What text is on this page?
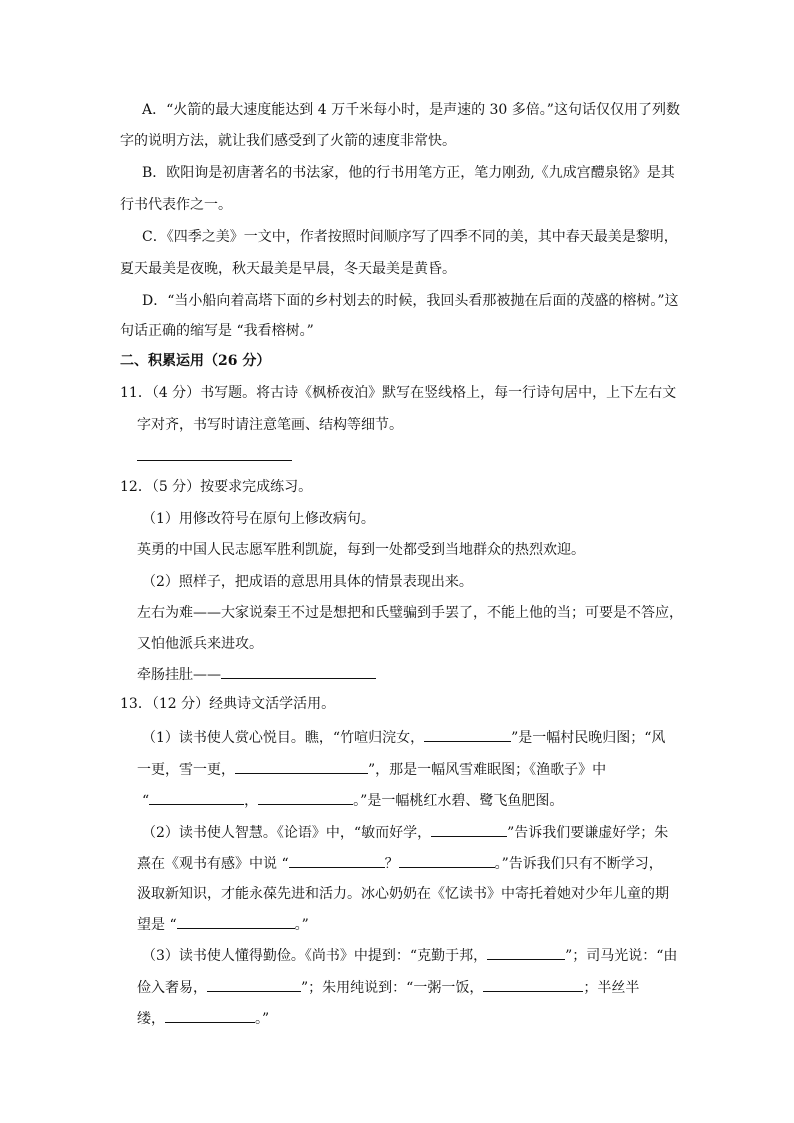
A．“火箭的最大速度能达到 4 万千米每小时，是声速的 30 多倍。”这句话仅仅用了列数
字的说明方法，就让我们感受到了火箭的速度非常快。
B．欧阳询是初唐著名的书法家，他的行书用笔方正，笔力刚劲,《九成宫醴泉铭》是其
行书代表作之一。
C．《四季之美》一文中，作者按照时间顺序写了四季不同的美，其中春天最美是黎明，
夏天最美是夜晚，秋天最美是早晨，冬天最美是黄昏。
D．“当小船向着高塔下面的乡村划去的时候，我回头看那被抛在后面的茂盛的榕树。”这
句话正确的缩写是 “我看榕树。”
二、积累运用（26 分）
11．（4 分）书写题。将古诗《枫桥夜泊》默写在竖线格上，每一行诗句居中，上下左右文
字对齐，书写时请注意笔画、结构等细节。
12．（5 分）按要求完成练习。
（1）用修改符号在原句上修改病句。
英勇的中国人民志愿军胜利凯旋，每到一处都受到当地群众的热烈欢迎。
（2）照样子，把成语的意思用具体的情景表现出来。
左右为难——大家说秦王不过是想把和氏璧骗到手罢了，不能上他的当；可要是不答应，
又怕他派兵来进攻。
牵肠挂肚——
13．（12 分）经典诗文活学活用。
（1）读书使人赏心悦目。瞧，“竹喧归浣女，	”是一幅村民晚归图；“风
一更，雪一更，	”，那是一幅风雪难眠图；《渔歌子》中
“	，	。”是一幅桃红水碧、鹭飞鱼肥图。
（2）读书使人智慧。《论语》中，“敏而好学，	”告诉我们要谦虚好学；朱
熹在《观书有感》中说 “	？	。”告诉我们只有不断学习，
汲取新知识，才能永葆先进和活力。冰心奶奶在《忆读书》中寄托着她对少年儿童的期
望是 “	。”
（3）读书使人懂得勤俭。《尚书》中提到：“克勤于邦，	”；司马光说：“由
俭入奢易，	”；朱用纯说到：“一粥一饭，	；半丝半
缕，	。”
